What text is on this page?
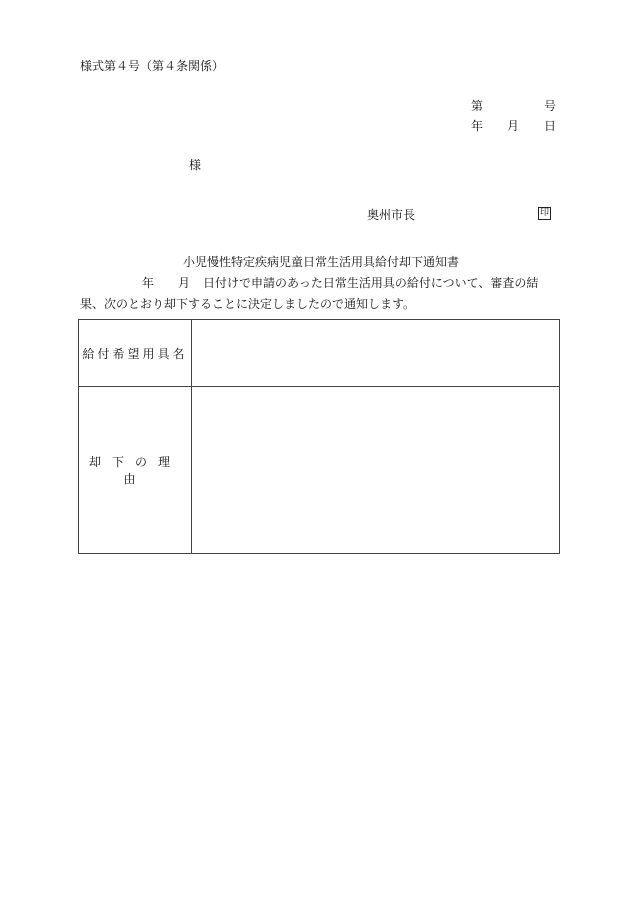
様式第４号（第４条関係）
第	号
年 月 日
様
奥州市長	印
小児慢性特定疾病児童日常生活用具給付却下通知書
年 月 日付けで申請のあった日常生活用具の給付について、審査の結
果、次のとおり却下することに決定しましたので通知します。
給付希望用具名	
却下の理由	
